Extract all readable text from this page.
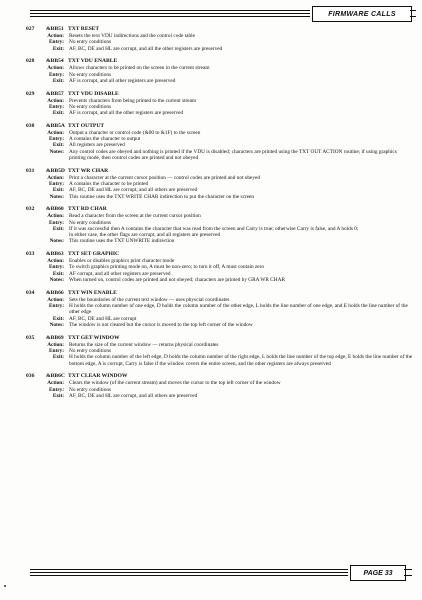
FIRMWARE CALLS
027	&BB51 TXT RESET
Action: Resets the text VDU indirections and the control code table
Entry: No entry conditions
Exit: AF, BC, DE and HL are corrupt, and all the other registers are preserved
028	&BB54 TXT VDU ENABLE
Action: Allows characters to be printed on the screen in the current stream
Entry: No entry conditions
Exit: AF is corrupt, and all other registers are preserved
029	&BB57 TXT VDU DISABLE
Action: Prevents characters from being printed to the current stream
Entry: No entry conditions
Exit: AF is corrupt, and all the other registers are preserved
030	&BB5A TXT OUTPUT
Action: Output a character or control code (&00 to &1F) to the screen
Entry: A contains the character to output
Exit: All registers are preserved
Notes: Any control codes are obeyed and nothing is printed if the VDU is disabled; characters are printed using the TXT OUT ACTION routine; if using graphics printing mode, then control codes are printed and not obeyed
031	&BB5D TXT WR CHAR
Action: Print a character at the current cursor position — control codes are printed and not obeyed
Entry: A contains the character to be printed
Exit: AF, BC, DE and HL are corrupt, and all others are preserved
Notes: This routine uses the TXT WRITE CHAR indirection to put the character on the screen
032	&BB60 TXT RD CHAR
Action: Read a character from the screen at the current cursor position
Entry: No entry conditions
Exit: If it was successful then A contains the character that was read from the screen and Carry is true; otherwise Carry is false, and A holds 0;
in either case, the other flags are corrupt, and all registers are preserved
Notes: This routine uses the TXT UNWRITE indirection
033	&BB63 TXT SET GRAPHIC
Action: Enables or disables graphics print character mode
Entry: To switch graphics printing mode on, A must be non-zero; to turn it off, A must contain zero
Exit: AF corrupt, and all other registers are preserved
Notes: When turned on, control codes are printed and not obeyed; characters are printed by GRA WR CHAR
034	&BB66 TXT WIN ENABLE
Action: Sets the boundaries of the current text window — uses physcial coordinates
Entry: H holds the column number of one edge, D holds the column number of the other edge, L holds the line number of one edge, and E holds the line number of the other edge
Exit: AF, BC, DE and HL are corrupt
Notes: The window is not cleared but the cursor is moved to the top left corner of the window
035	&BB69 TXT GET WINDOW
Action: Returns the size of the current window — returns physical coordinates
Entry: No entry conditions
Exit: H holds the column number of the left edge, D holds the column number of the right edge, L holds the line number of the top edge, E holds the line number of the bottom edge, A is corrupt, Carry is false if the window covers the entire screen, and the other registers are always preserved
036	&BB6C TXT CLEAR WINDOW
Action: Clears the window (of the current stream) and moves the cursor to the top left corner of the window
Entry: No entry conditions
Exit: AF, BC, DE and HL are corrupt, and all others are preserved
PAGE 33
